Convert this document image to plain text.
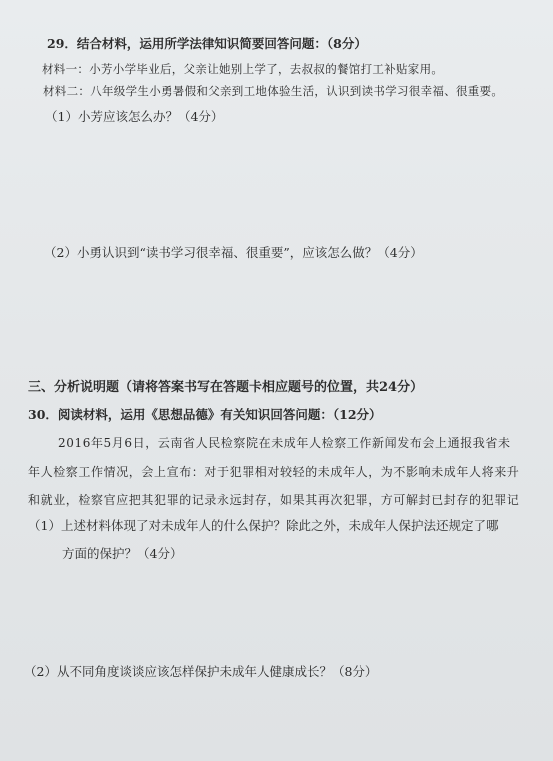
29．结合材料，运用所学法律知识简要回答问题：（8分）
材料一：小芳小学毕业后，父亲让她别上学了，去叔叔的餐馆打工补贴家用。
材料二：八年级学生小勇暑假和父亲到工地体验生活，认识到读书学习很幸福、很重要。
（1）小芳应该怎么办？（4分）
（2）小勇认识到“读书学习很幸福、很重要”，应该怎么做？（4分）
三、分析说明题（请将答案书写在答题卡相应题号的位置，共24分）
30．阅读材料，运用《思想品德》有关知识回答问题：（12分）
2016年5月6日，云南省人民检察院在未成年人检察工作新闻发布会上通报我省未
年人检察工作情况，会上宣布：对于犯罪相对较轻的未成年人，为不影响未成年人将来升
和就业，检察官应把其犯罪的记录永远封存，如果其再次犯罪，方可解封已封存的犯罪记
（1）上述材料体现了对未成年人的什么保护？除此之外，未成年人保护法还规定了哪
方面的保护？（4分）
（2）从不同角度谈谈应该怎样保护未成年人健康成长？（8分）
